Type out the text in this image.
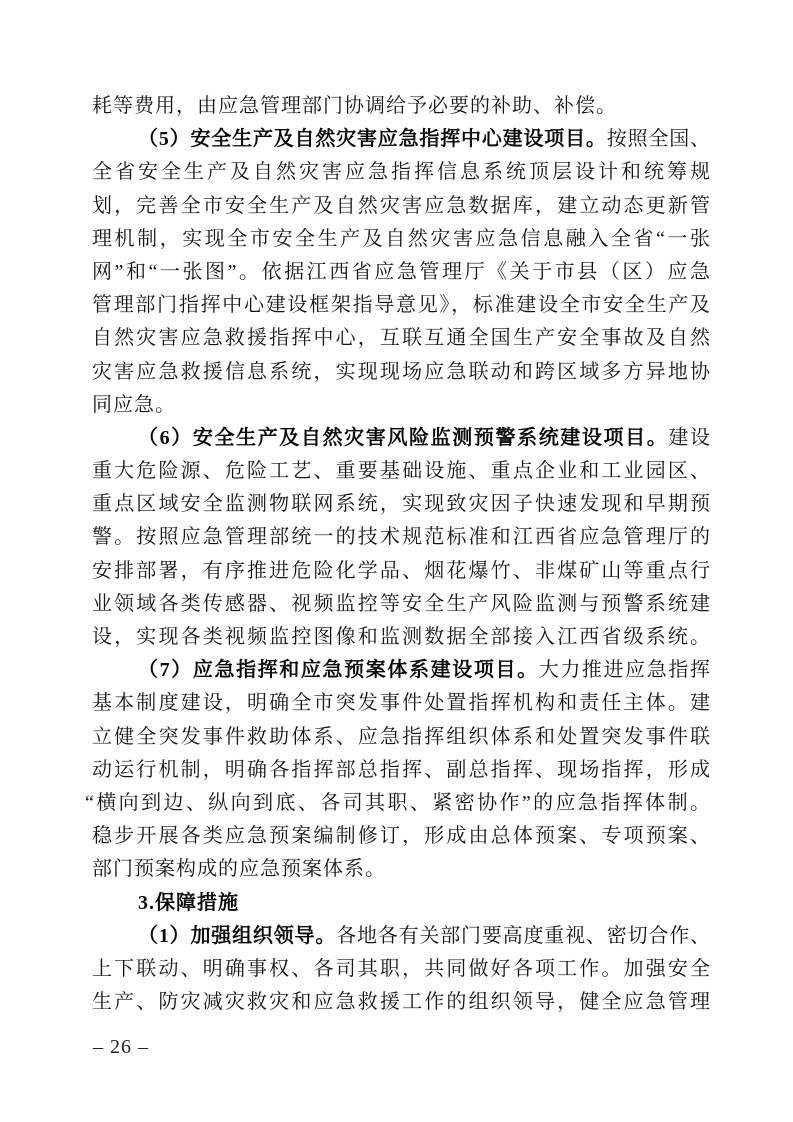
耗等费用，由应急管理部门协调给予必要的补助、补偿。
（5）安全生产及自然灾害应急指挥中心建设项目。按照全国、
全省安全生产及自然灾害应急指挥信息系统顶层设计和统筹规
划，完善全市安全生产及自然灾害应急数据库，建立动态更新管
理机制，实现全市安全生产及自然灾害应急信息融入全省“一张
网”和“一张图”。依据江西省应急管理厅《关于市县（区）应急
管理部门指挥中心建设框架指导意见》，标准建设全市安全生产及
自然灾害应急救援指挥中心，互联互通全国生产安全事故及自然
灾害应急救援信息系统，实现现场应急联动和跨区域多方异地协
同应急。
（6）安全生产及自然灾害风险监测预警系统建设项目。建设
重大危险源、危险工艺、重要基础设施、重点企业和工业园区、
重点区域安全监测物联网系统，实现致灾因子快速发现和早期预
警。按照应急管理部统一的技术规范标准和江西省应急管理厅的
安排部署，有序推进危险化学品、烟花爆竹、非煤矿山等重点行
业领域各类传感器、视频监控等安全生产风险监测与预警系统建
设，实现各类视频监控图像和监测数据全部接入江西省级系统。
（7）应急指挥和应急预案体系建设项目。大力推进应急指挥
基本制度建设，明确全市突发事件处置指挥机构和责任主体。建
立健全突发事件救助体系、应急指挥组织体系和处置突发事件联
动运行机制，明确各指挥部总指挥、副总指挥、现场指挥，形成
“横向到边、纵向到底、各司其职、紧密协作”的应急指挥体制。
稳步开展各类应急预案编制修订，形成由总体预案、专项预案、
部门预案构成的应急预案体系。
3.保障措施
（1）加强组织领导。各地各有关部门要高度重视、密切合作、
上下联动、明确事权、各司其职，共同做好各项工作。加强安全
生产、防灾减灾救灾和应急救援工作的组织领导，健全应急管理
– 26 –
